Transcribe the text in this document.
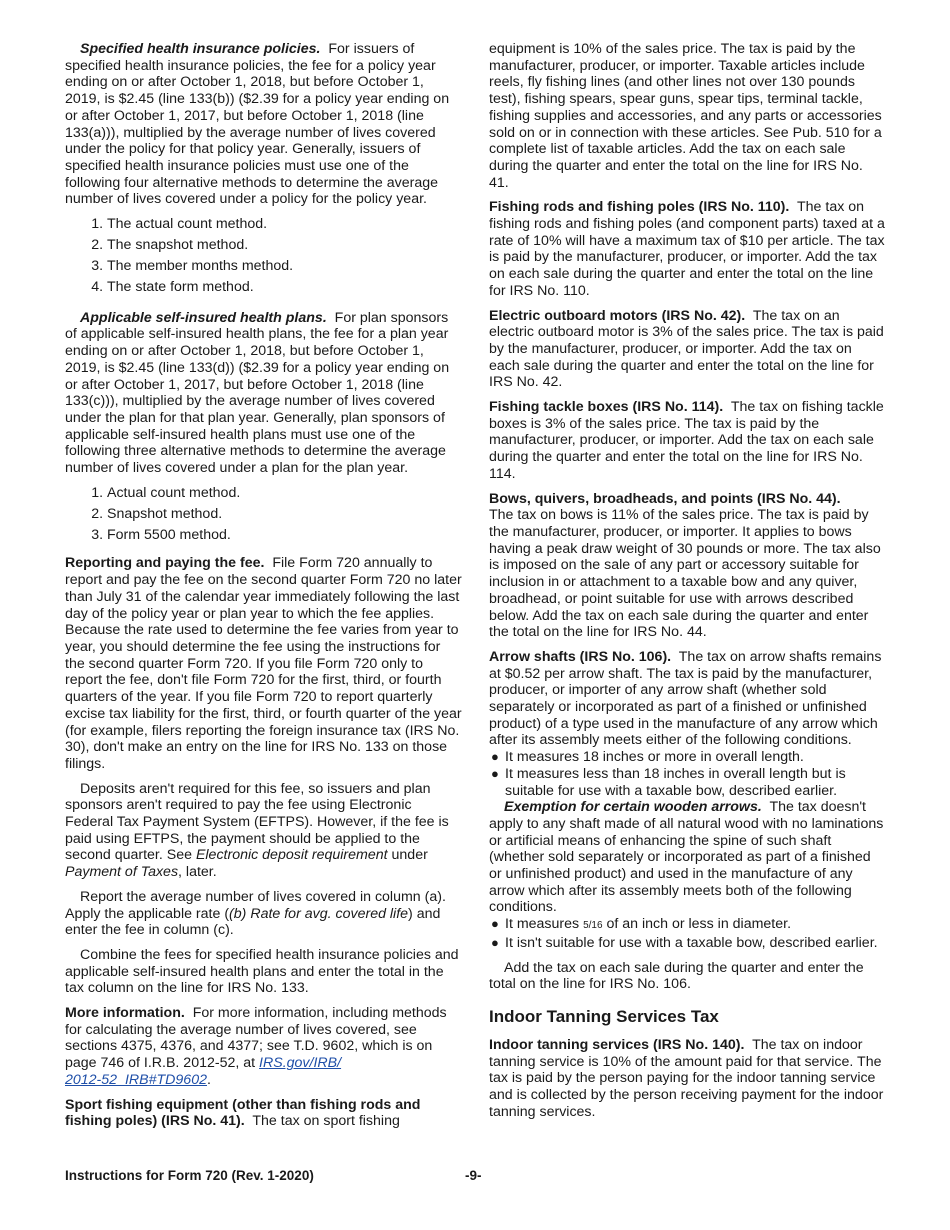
Specified health insurance policies. For issuers of specified health insurance policies, the fee for a policy year ending on or after October 1, 2018, but before October 1, 2019, is $2.45 (line 133(b)) ($2.39 for a policy year ending on or after October 1, 2017, but before October 1, 2018 (line 133(a))), multiplied by the average number of lives covered under the policy for that policy year. Generally, issuers of specified health insurance policies must use one of the following four alternative methods to determine the average number of lives covered under a policy for the policy year.

1. The actual count method.
2. The snapshot method.
3. The member months method.
4. The state form method.

Applicable self-insured health plans. For plan sponsors of applicable self-insured health plans, the fee for a plan year ending on or after October 1, 2018, but before October 1, 2019, is $2.45 (line 133(d)) ($2.39 for a policy year ending on or after October 1, 2017, but before October 1, 2018 (line 133(c))), multiplied by the average number of lives covered under the plan for that plan year. Generally, plan sponsors of applicable self-insured health plans must use one of the following three alternative methods to determine the average number of lives covered under a plan for the plan year.

1. Actual count method.
2. Snapshot method.
3. Form 5500 method.

Reporting and paying the fee. File Form 720 annually to report and pay the fee on the second quarter Form 720 no later than July 31 of the calendar year immediately following the last day of the policy year or plan year to which the fee applies. Because the rate used to determine the fee varies from year to year, you should determine the fee using the instructions for the second quarter Form 720. If you file Form 720 only to report the fee, don't file Form 720 for the first, third, or fourth quarters of the year. If you file Form 720 to report quarterly excise tax liability for the first, third, or fourth quarter of the year (for example, filers reporting the foreign insurance tax (IRS No. 30), don't make an entry on the line for IRS No. 133 on those filings.

Deposits aren't required for this fee, so issuers and plan sponsors aren't required to pay the fee using Electronic Federal Tax Payment System (EFTPS). However, if the fee is paid using EFTPS, the payment should be applied to the second quarter. See Electronic deposit requirement under Payment of Taxes, later.

Report the average number of lives covered in column (a). Apply the applicable rate ((b) Rate for avg. covered life) and enter the fee in column (c).

Combine the fees for specified health insurance policies and applicable self-insured health plans and enter the total in the tax column on the line for IRS No. 133.

More information. For more information, including methods for calculating the average number of lives covered, see sections 4375, 4376, and 4377; see T.D. 9602, which is on page 746 of I.R.B. 2012-52, at IRS.gov/IRB/
2012-52_IRB#TD9602.

Sport fishing equipment (other than fishing rods and fishing poles) (IRS No. 41). The tax on sport fishing

equipment is 10% of the sales price. The tax is paid by the manufacturer, producer, or importer. Taxable articles include reels, fly fishing lines (and other lines not over 130 pounds test), fishing spears, spear guns, spear tips, terminal tackle, fishing supplies and accessories, and any parts or accessories sold on or in connection with these articles. See Pub. 510 for a complete list of taxable articles. Add the tax on each sale during the quarter and enter the total on the line for IRS No. 41.

Fishing rods and fishing poles (IRS No. 110). The tax on fishing rods and fishing poles (and component parts) taxed at a rate of 10% will have a maximum tax of $10 per article. The tax is paid by the manufacturer, producer, or importer. Add the tax on each sale during the quarter and enter the total on the line for IRS No. 110.

Electric outboard motors (IRS No. 42). The tax on an electric outboard motor is 3% of the sales price. The tax is paid by the manufacturer, producer, or importer. Add the tax on each sale during the quarter and enter the total on the line for IRS No. 42.

Fishing tackle boxes (IRS No. 114). The tax on fishing tackle boxes is 3% of the sales price. The tax is paid by the manufacturer, producer, or importer. Add the tax on each sale during the quarter and enter the total on the line for IRS No. 114.

Bows, quivers, broadheads, and points (IRS No. 44).
The tax on bows is 11% of the sales price. The tax is paid by the manufacturer, producer, or importer. It applies to bows having a peak draw weight of 30 pounds or more. The tax also is imposed on the sale of any part or accessory suitable for inclusion in or attachment to a taxable bow and any quiver, broadhead, or point suitable for use with arrows described below. Add the tax on each sale during the quarter and enter the total on the line for IRS No. 44.

Arrow shafts (IRS No. 106). The tax on arrow shafts remains at $0.52 per arrow shaft. The tax is paid by the manufacturer, producer, or importer of any arrow shaft (whether sold separately or incorporated as part of a finished or unfinished product) of a type used in the manufacture of any arrow which after its assembly meets either of the following conditions.

● It measures 18 inches or more in overall length.
● It measures less than 18 inches in overall length but is suitable for use with a taxable bow, described earlier.

Exemption for certain wooden arrows. The tax doesn't apply to any shaft made of all natural wood with no laminations or artificial means of enhancing the spine of such shaft (whether sold separately or incorporated as part of a finished or unfinished product) and used in the manufacture of any arrow which after its assembly meets both of the following conditions.

● It measures 5/16 of an inch or less in diameter.
● It isn't suitable for use with a taxable bow, described earlier.

Add the tax on each sale during the quarter and enter the total on the line for IRS No. 106.

Indoor Tanning Services Tax

Indoor tanning services (IRS No. 140). The tax on indoor tanning service is 10% of the amount paid for that service. The tax is paid by the person paying for the indoor tanning service and is collected by the person receiving payment for the indoor tanning services.

Instructions for Form 720 (Rev. 1-2020)	-9-
